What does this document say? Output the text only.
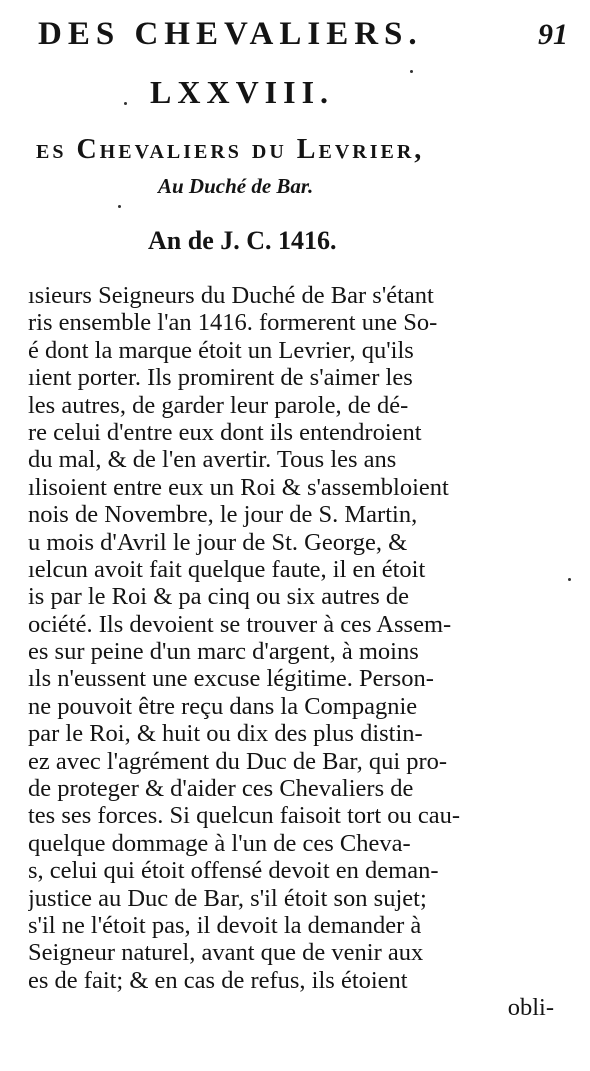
DES CHEVALIERS.	91
LXXVIII.
es Chevaliers du Levrier,
Au Duché de Bar.
An de J. C. 1416.
ısieurs Seigneurs du Duché de Bar s'étant
ris ensemble l'an 1416. formerent une So-
é dont la marque étoit un Levrier, qu'ils
ıient porter. Ils promirent de s'aimer les
les autres, de garder leur parole, de dé-
re celui d'entre eux dont ils entendroient
du mal, & de l'en avertir. Tous les ans
ılisoient entre eux un Roi & s'assembloient
nois de Novembre, le jour de S. Martin,
u mois d'Avril le jour de St. George, &
ıelcun avoit fait quelque faute, il en étoit
is par le Roi & pa cinq ou six autres de
ociété. Ils devoient se trouver à ces Assem-
es sur peine d'un marc d'argent, à moins
ıls n'eussent une excuse légitime. Person-
ne pouvoit être reçu dans la Compagnie
par le Roi, & huit ou dix des plus distin-
ez avec l'agrément du Duc de Bar, qui pro-
de proteger & d'aider ces Chevaliers de
tes ses forces. Si quelcun faisoit tort ou cau-
quelque dommage à l'un de ces Cheva-
s, celui qui étoit offensé devoit en deman-
justice au Duc de Bar, s'il étoit son sujet;
s'il ne l'étoit pas, il devoit la demander à
Seigneur naturel, avant que de venir aux
es de fait; & en cas de refus, ils étoient
obli-
